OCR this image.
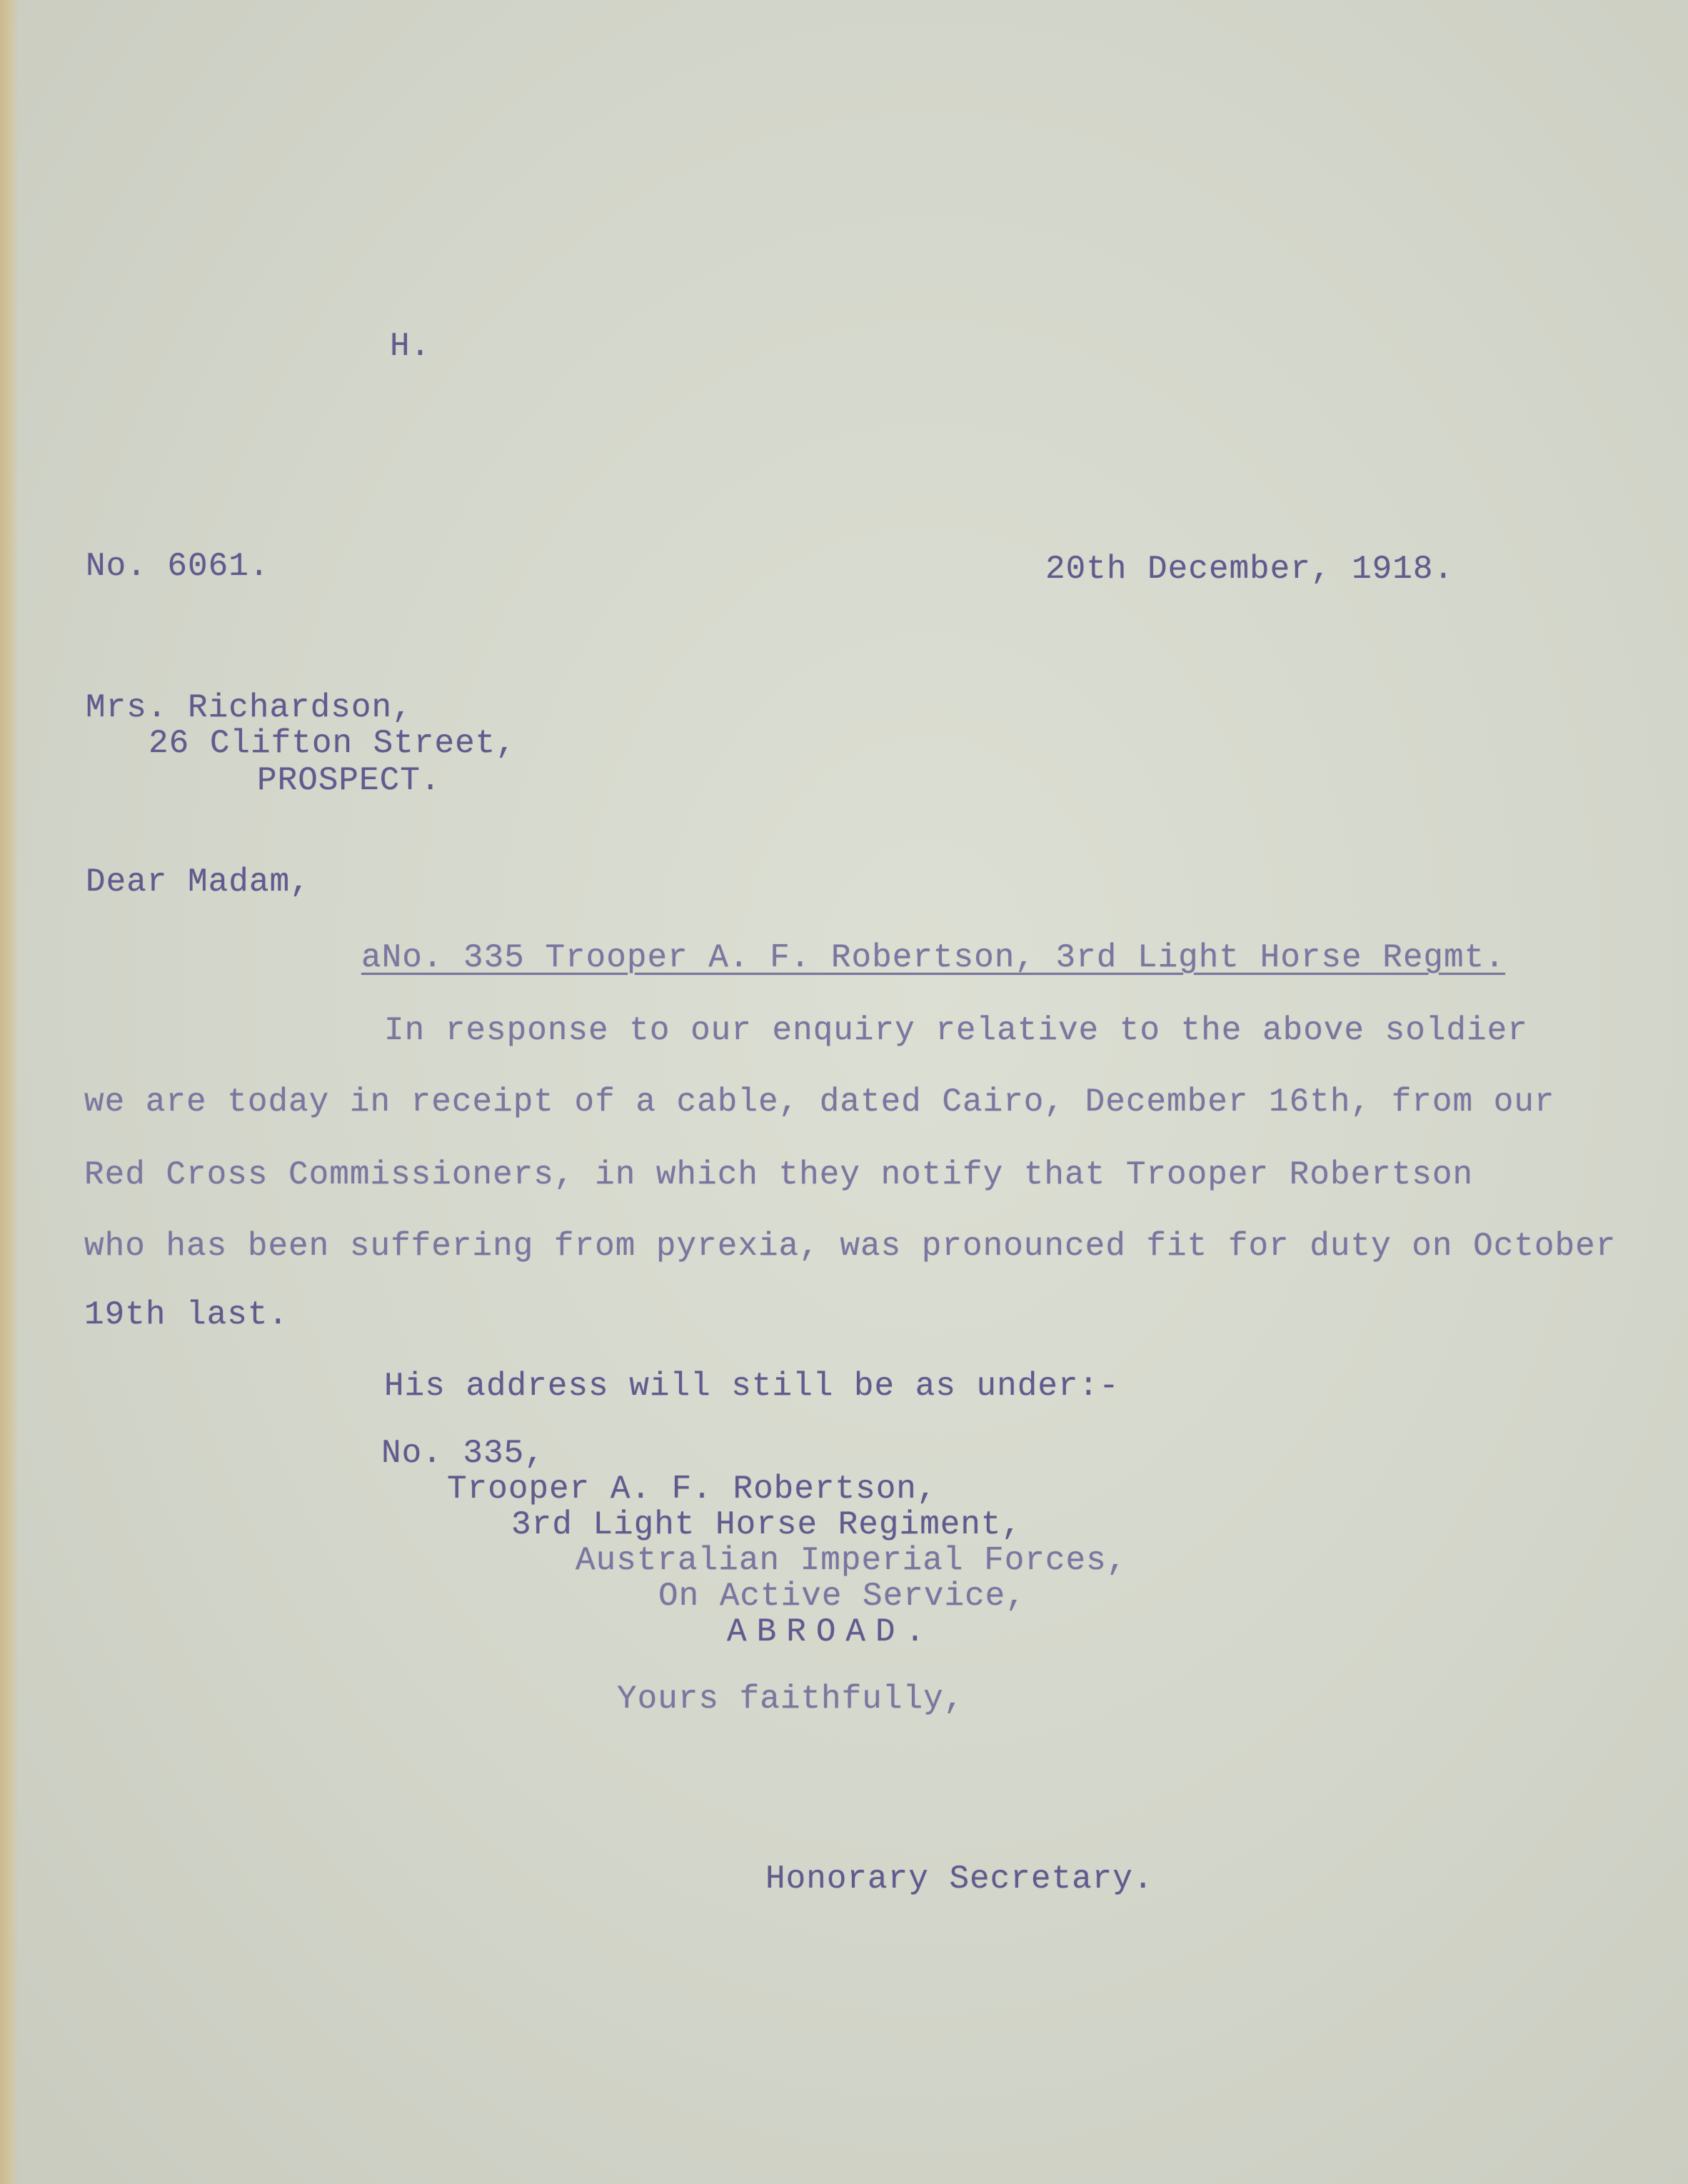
H.
No. 6061.	20th December, 1918.
Mrs. Richardson,
26 Clifton Street,
PROSPECT.
Dear Madam,
aNo. 335 Trooper A. F. Robertson, 3rd Light Horse Regmt.
In response to our enquiry relative to the above soldier
we are today in receipt of a cable, dated Cairo, December 16th, from our
Red Cross Commissioners, in which they notify that Trooper Robertson
who has been suffering from pyrexia, was pronounced fit for duty on October
19th last.
His address will still be as under:-
No. 335,
Trooper A. F. Robertson,
3rd Light Horse Regiment,
Australian Imperial Forces,
On Active Service,
ABROAD.
Yours faithfully,
Honorary Secretary.
